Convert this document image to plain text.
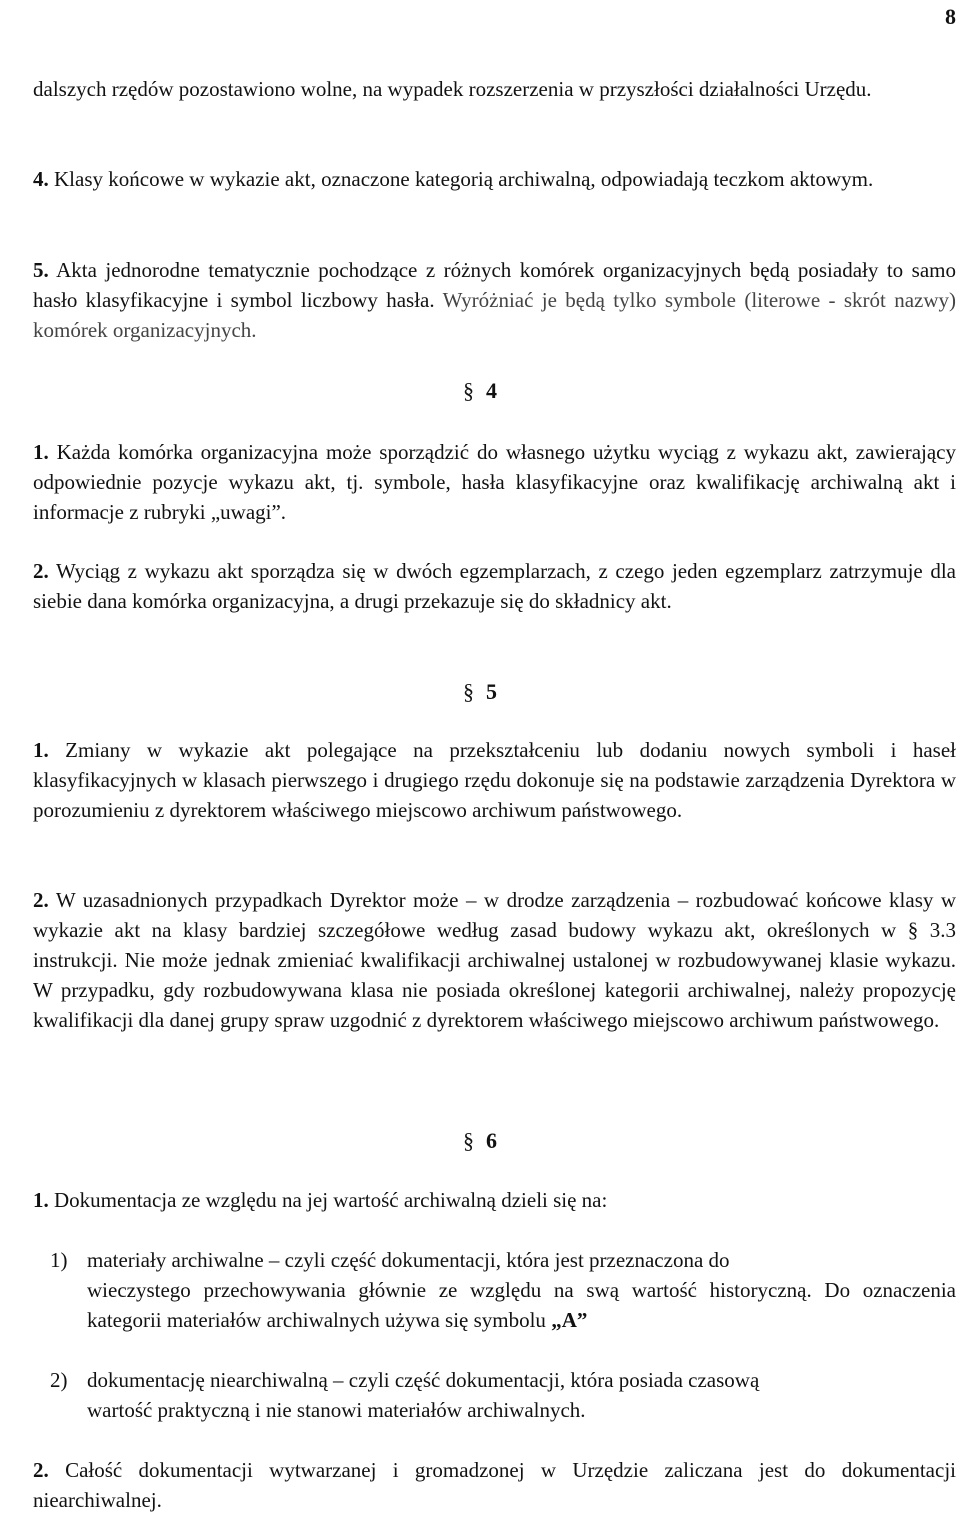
8

dalszych rzędów pozostawiono wolne, na wypadek rozszerzenia w przyszłości działalności Urzędu.

4. Klasy końcowe w wykazie akt, oznaczone kategorią archiwalną, odpowiadają teczkom aktowym.

5. Akta jednorodne tematycznie pochodzące z różnych komórek organizacyjnych będą posiadały to samo hasło klasyfikacyjne i symbol liczbowy hasła. Wyróżniać je będą tylko symbole (literowe - skrót nazwy) komórek organizacyjnych.

§ 4

1. Każda komórka organizacyjna może sporządzić do własnego użytku wyciąg z wykazu akt, zawierający odpowiednie pozycje wykazu akt, tj. symbole, hasła klasyfikacyjne oraz kwalifikację archiwalną akt i informacje z rubryki „uwagi”.

2. Wyciąg z wykazu akt sporządza się w dwóch egzemplarzach, z czego jeden egzemplarz zatrzymuje dla siebie dana komórka organizacyjna, a drugi przekazuje się do składnicy akt.

§ 5

1. Zmiany w wykazie akt polegające na przekształceniu lub dodaniu nowych symboli i haseł klasyfikacyjnych w klasach pierwszego i drugiego rzędu dokonuje się na podstawie zarządzenia Dyrektora w porozumieniu z dyrektorem właściwego miejscowo archiwum państwowego.

2. W uzasadnionych przypadkach Dyrektor może – w drodze zarządzenia – rozbudować końcowe klasy w wykazie akt na klasy bardziej szczegółowe według zasad budowy wykazu akt, określonych w § 3.3 instrukcji. Nie może jednak zmieniać kwalifikacji archiwalnej ustalonej w rozbudowywanej klasie wykazu. W przypadku, gdy rozbudowywana klasa nie posiada określonej kategorii archiwalnej, należy propozycję kwalifikacji dla danej grupy spraw uzgodnić z dyrektorem właściwego miejscowo archiwum państwowego.

§ 6

1. Dokumentacja ze względu na jej wartość archiwalną dzieli się na:

1) materiały archiwalne – czyli część dokumentacji, która jest przeznaczona do
wieczystego przechowywania głównie ze względu na swą wartość historyczną. Do oznaczenia kategorii materiałów archiwalnych używa się symbolu „A”
2) dokumentację niearchiwalną – czyli część dokumentacji, która posiada czasową
wartość praktyczną i nie stanowi materiałów archiwalnych.

2. Całość dokumentacji wytwarzanej i gromadzonej w Urzędzie zaliczana jest do dokumentacji niearchiwalnej.
